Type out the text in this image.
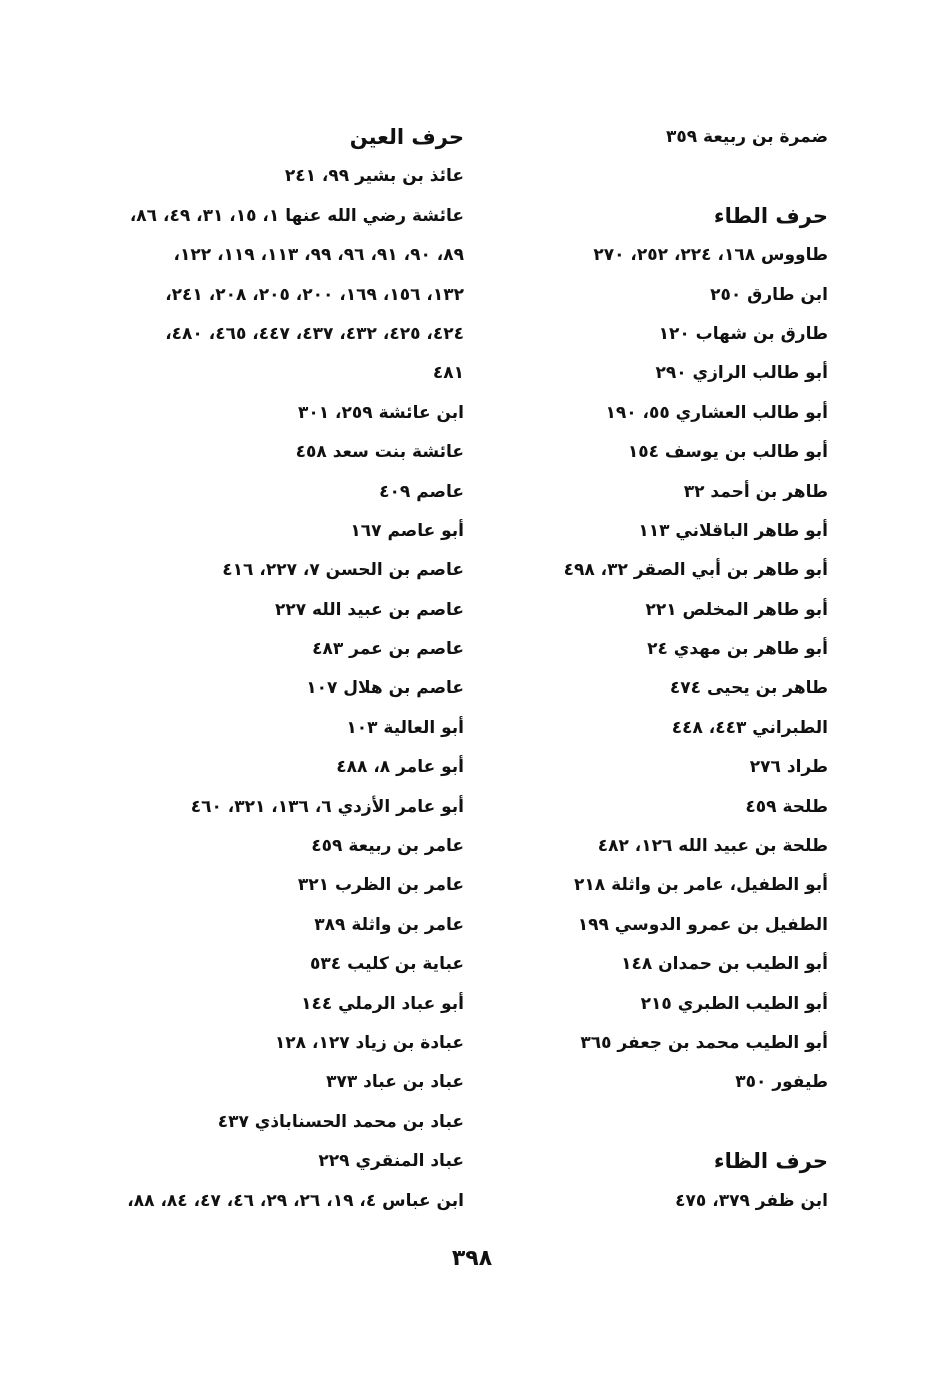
ضمرة بن ربيعة ٣٥٩
حرف الطاء
طاووس ١٦٨، ٢٢٤، ٢٥٢، ٢٧٠
ابن طارق ٢٥٠
طارق بن شهاب ١٢٠
أبو طالب الرازي ٢٩٠
أبو طالب العشاري ٥٥، ١٩٠
أبو طالب بن يوسف ١٥٤
طاهر بن أحمد ٣٢
أبو طاهر الباقلاني ١١٣
أبو طاهر بن أبي الصقر ٣٢، ٤٩٨
أبو طاهر المخلص ٢٢١
أبو طاهر بن مهدي ٢٤
طاهر بن يحيى ٤٧٤
الطبراني ٤٤٣، ٤٤٨
طراد ٢٧٦
طلحة ٤٥٩
طلحة بن عبيد الله ١٢٦، ٤٨٢
أبو الطفيل، عامر بن واثلة ٢١٨
الطفيل بن عمرو الدوسي ١٩٩
أبو الطيب بن حمدان ١٤٨
أبو الطيب الطبري ٢١٥
أبو الطيب محمد بن جعفر ٣٦٥
طيفور ٣٥٠
حرف الظاء
ابن ظفر ٣٧٩، ٤٧٥
حرف العين
عائذ بن بشير ٩٩، ٢٤١
عائشة رضي الله عنها ١، ١٥، ٣١، ٤٩، ٨٦،
٨٩، ٩٠، ٩١، ٩٦، ٩٩، ١١٣، ١١٩، ١٢٢،
١٣٢، ١٥٦، ١٦٩، ٢٠٠، ٢٠٥، ٢٠٨، ٢٤١،
٤٢٤، ٤٢٥، ٤٣٢، ٤٣٧، ٤٤٧، ٤٦٥، ٤٨٠،
٤٨١
ابن عائشة ٢٥٩، ٣٠١
عائشة بنت سعد ٤٥٨
عاصم ٤٠٩
أبو عاصم ١٦٧
عاصم بن الحسن ٧، ٢٢٧، ٤١٦
عاصم بن عبيد الله ٢٢٧
عاصم بن عمر ٤٨٣
عاصم بن هلال ١٠٧
أبو العالية ١٠٣
أبو عامر ٨، ٤٨٨
أبو عامر الأزدي ٦، ١٣٦، ٣٢١، ٤٦٠
عامر بن ربيعة ٤٥٩
عامر بن الظرب ٣٢١
عامر بن واثلة ٣٨٩
عباية بن كليب ٥٣٤
أبو عباد الرملي ١٤٤
عبادة بن زياد ١٢٧، ١٢٨
عباد بن عباد ٣٧٣
عباد بن محمد الحسناباذي ٤٣٧
عباد المنقري ٢٢٩
ابن عباس ٤، ١٩، ٢٦، ٢٩، ٤٦، ٤٧، ٨٤، ٨٨،
٣٩٨
